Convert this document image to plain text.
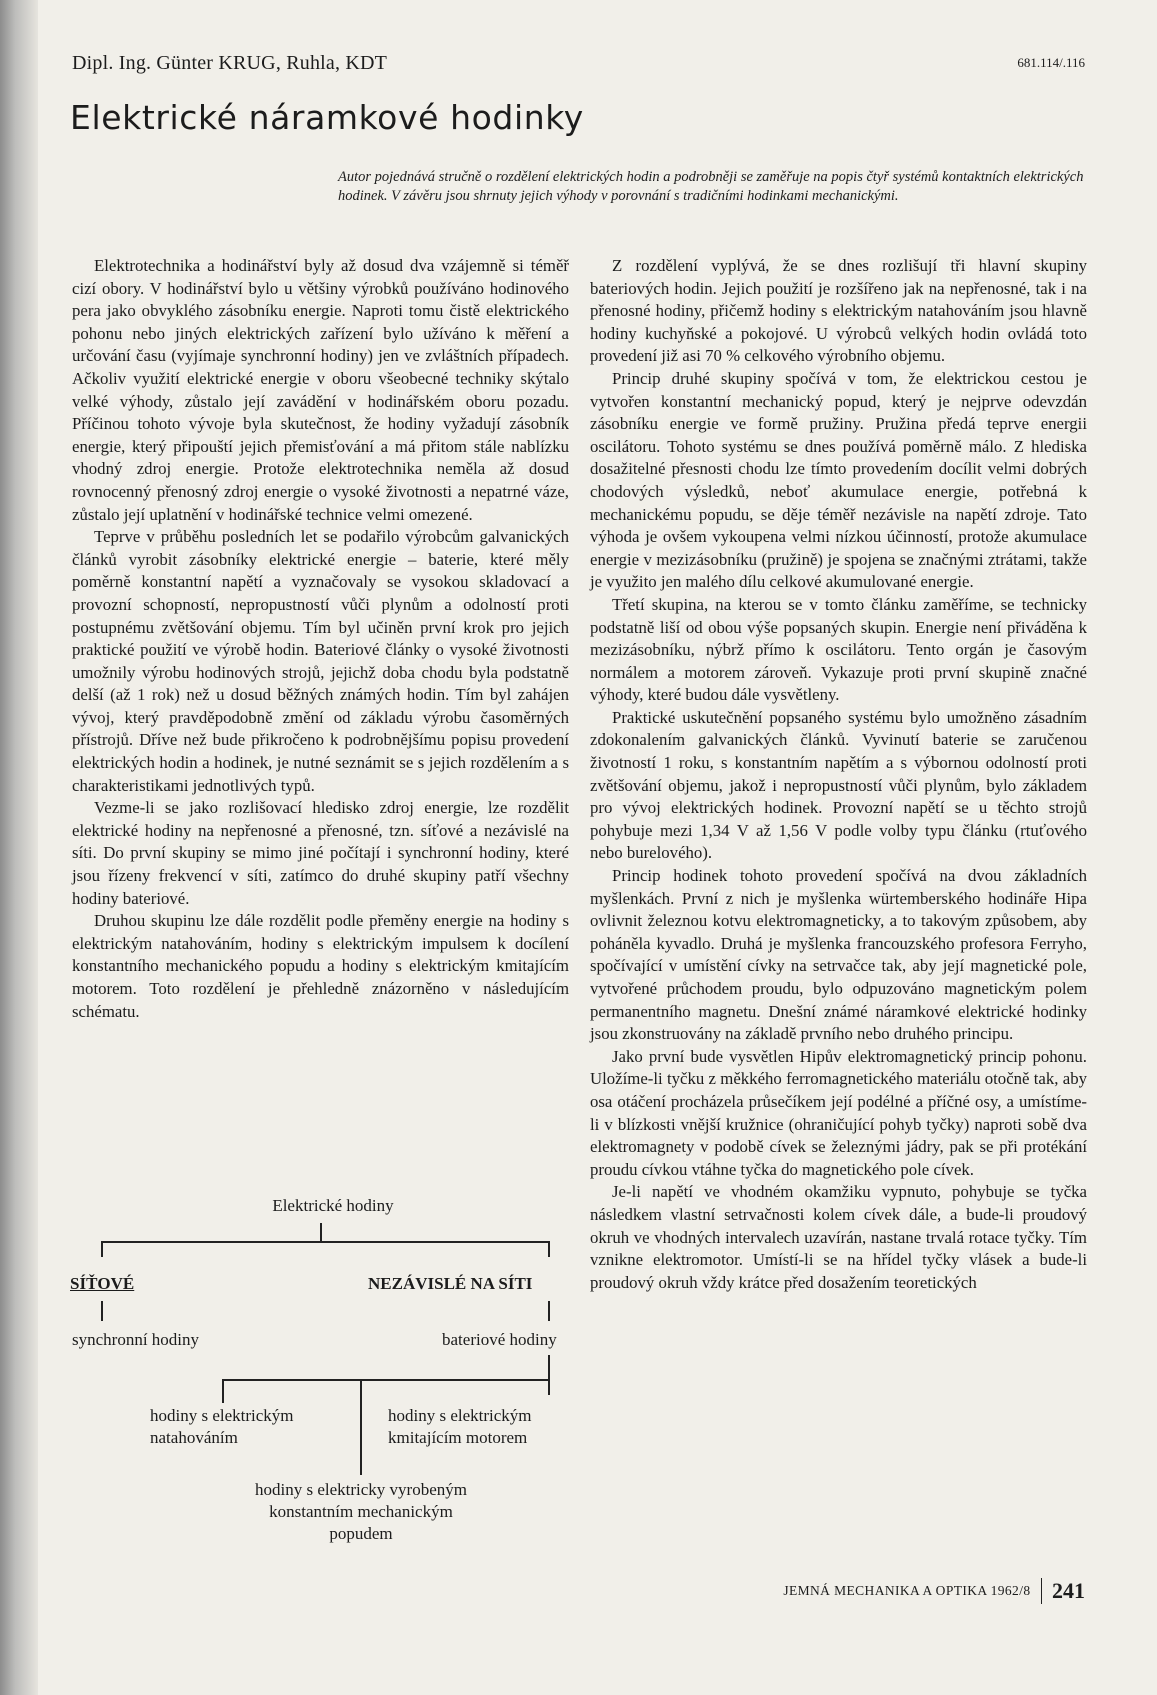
Dipl. Ing. Günter KRUG, Ruhla, KDT	681.114/.116
Elektrické náramkové hodinky

Autor pojednává stručně o rozdělení elektrických hodin a podrobněji se zaměřuje na popis čtyř systémů kontaktních elektrických hodinek. V závěru jsou shrnuty jejich výhody v porovnání s tradičními hodinkami mechanickými.

Elektrotechnika a hodinářství byly až dosud dva vzájemně si téměř cizí obory. V hodinářství bylo u většiny výrobků používáno hodinového pera jako obvyklého zásobníku energie. Naproti tomu čistě elektrického pohonu nebo jiných elektrických zařízení bylo užíváno k měření a určování času (vyjímaje synchronní hodiny) jen ve zvláštních případech. Ačkoliv využití elektrické energie v oboru všeobecné techniky skýtalo velké výhody, zůstalo její zavádění v hodinářském oboru pozadu. Příčinou tohoto vývoje byla skutečnost, že hodiny vyžadují zásobník energie, který připouští jejich přemisťování a má přitom stále nablízku vhodný zdroj energie. Protože elektrotechnika neměla až dosud rovnocenný přenosný zdroj energie o vysoké životnosti a nepatrné váze, zůstalo její uplatnění v hodinářské technice velmi omezené.

Teprve v průběhu posledních let se podařilo výrobcům galvanických článků vyrobit zásobníky elektrické energie – baterie, které měly poměrně konstantní napětí a vyznačovaly se vysokou skladovací a provozní schopností, nepropustností vůči plynům a odolností proti postupnému zvětšování objemu. Tím byl učiněn první krok pro jejich praktické použití ve výrobě hodin. Bateriové články o vysoké životnosti umožnily výrobu hodinových strojů, jejichž doba chodu byla podstatně delší (až 1 rok) než u dosud běžných známých hodin. Tím byl zahájen vývoj, který pravděpodobně změní od základu výrobu časoměrných přístrojů. Dříve než bude přikročeno k podrobnějšímu popisu provedení elektrických hodin a hodinek, je nutné seznámit se s jejich rozdělením a s charakteristikami jednotlivých typů.

Vezme-li se jako rozlišovací hledisko zdroj energie, lze rozdělit elektrické hodiny na nepřenosné a přenosné, tzn. síťové a nezávislé na síti. Do první skupiny se mimo jiné počítají i synchronní hodiny, které jsou řízeny frekvencí v síti, zatímco do druhé skupiny patří všechny hodiny bateriové.

Druhou skupinu lze dále rozdělit podle přeměny energie na hodiny s elektrickým natahováním, hodiny s elektrickým impulsem k docílení konstantního mechanického popudu a hodiny s elektrickým kmitajícím motorem. Toto rozdělení je přehledně znázorněno v následujícím schématu.

Elektrické hodiny
SÍŤOVÉ	NEZÁVISLÉ NA SÍTI
synchronní hodiny	bateriové hodiny
hodiny s elektrickým natahováním
hodiny s elektrickým kmitajícím motorem
hodiny s elektricky vyrobeným konstantním mechanickým popudem

Z rozdělení vyplývá, že se dnes rozlišují tři hlavní skupiny bateriových hodin. Jejich použití je rozšířeno jak na nepřenosné, tak i na přenosné hodiny, přičemž hodiny s elektrickým natahováním jsou hlavně hodiny kuchyňské a pokojové. U výrobců velkých hodin ovládá toto provedení již asi 70 % celkového výrobního objemu.

Princip druhé skupiny spočívá v tom, že elektrickou cestou je vytvořen konstantní mechanický popud, který je nejprve odevzdán zásobníku energie ve formě pružiny. Pružina předá teprve energii oscilátoru. Tohoto systému se dnes používá poměrně málo. Z hlediska dosažitelné přesnosti chodu lze tímto provedením docílit velmi dobrých chodových výsledků, neboť akumulace energie, potřebná k mechanickému popudu, se děje téměř nezávisle na napětí zdroje. Tato výhoda je ovšem vykoupena velmi nízkou účinností, protože akumulace energie v mezizásobníku (pružině) je spojena se značnými ztrátami, takže je využito jen malého dílu celkové akumulované energie.

Třetí skupina, na kterou se v tomto článku zaměříme, se technicky podstatně liší od obou výše popsaných skupin. Energie není přiváděna k mezizásobníku, nýbrž přímo k oscilátoru. Tento orgán je časovým normálem a motorem zároveň. Vykazuje proti první skupině značné výhody, které budou dále vysvětleny.

Praktické uskutečnění popsaného systému bylo umožněno zásadním zdokonalením galvanických článků. Vyvinutí baterie se zaručenou životností 1 roku, s konstantním napětím a s výbornou odolností proti zvětšování objemu, jakož i nepropustností vůči plynům, bylo základem pro vývoj elektrických hodinek. Provozní napětí se u těchto strojů pohybuje mezi 1,34 V až 1,56 V podle volby typu článku (rtuťového nebo burelového).

Princip hodinek tohoto provedení spočívá na dvou základních myšlenkách. První z nich je myšlenka würtemberského hodináře Hipa ovlivnit železnou kotvu elektromagneticky, a to takovým způsobem, aby poháněla kyvadlo. Druhá je myšlenka francouzského profesora Ferryho, spočívající v umístění cívky na setrvačce tak, aby její magnetické pole, vytvořené průchodem proudu, bylo odpuzováno magnetickým polem permanentního magnetu. Dnešní známé náramkové elektrické hodinky jsou zkonstruovány na základě prvního nebo druhého principu.

Jako první bude vysvětlen Hipův elektromagnetický princip pohonu. Uložíme-li tyčku z měkkého ferromagnetického materiálu otočně tak, aby osa otáčení procházela průsečíkem její podélné a příčné osy, a umístíme-li v blízkosti vnější kružnice (ohraničující pohyb tyčky) naproti sobě dva elektromagnety v podobě cívek se železnými jádry, pak se při protékání proudu cívkou vtáhne tyčka do magnetického pole cívek.

Je-li napětí ve vhodném okamžiku vypnuto, pohybuje se tyčka následkem vlastní setrvačnosti kolem cívek dále, a bude-li proudový okruh ve vhodných intervalech uzavírán, nastane trvalá rotace tyčky. Tím vznikne elektromotor. Umístí-li se na hřídel tyčky vlásek a bude-li proudový okruh vždy krátce před dosažením teoretických

JEMNÁ MECHANIKA A OPTIKA 1962/8 241
